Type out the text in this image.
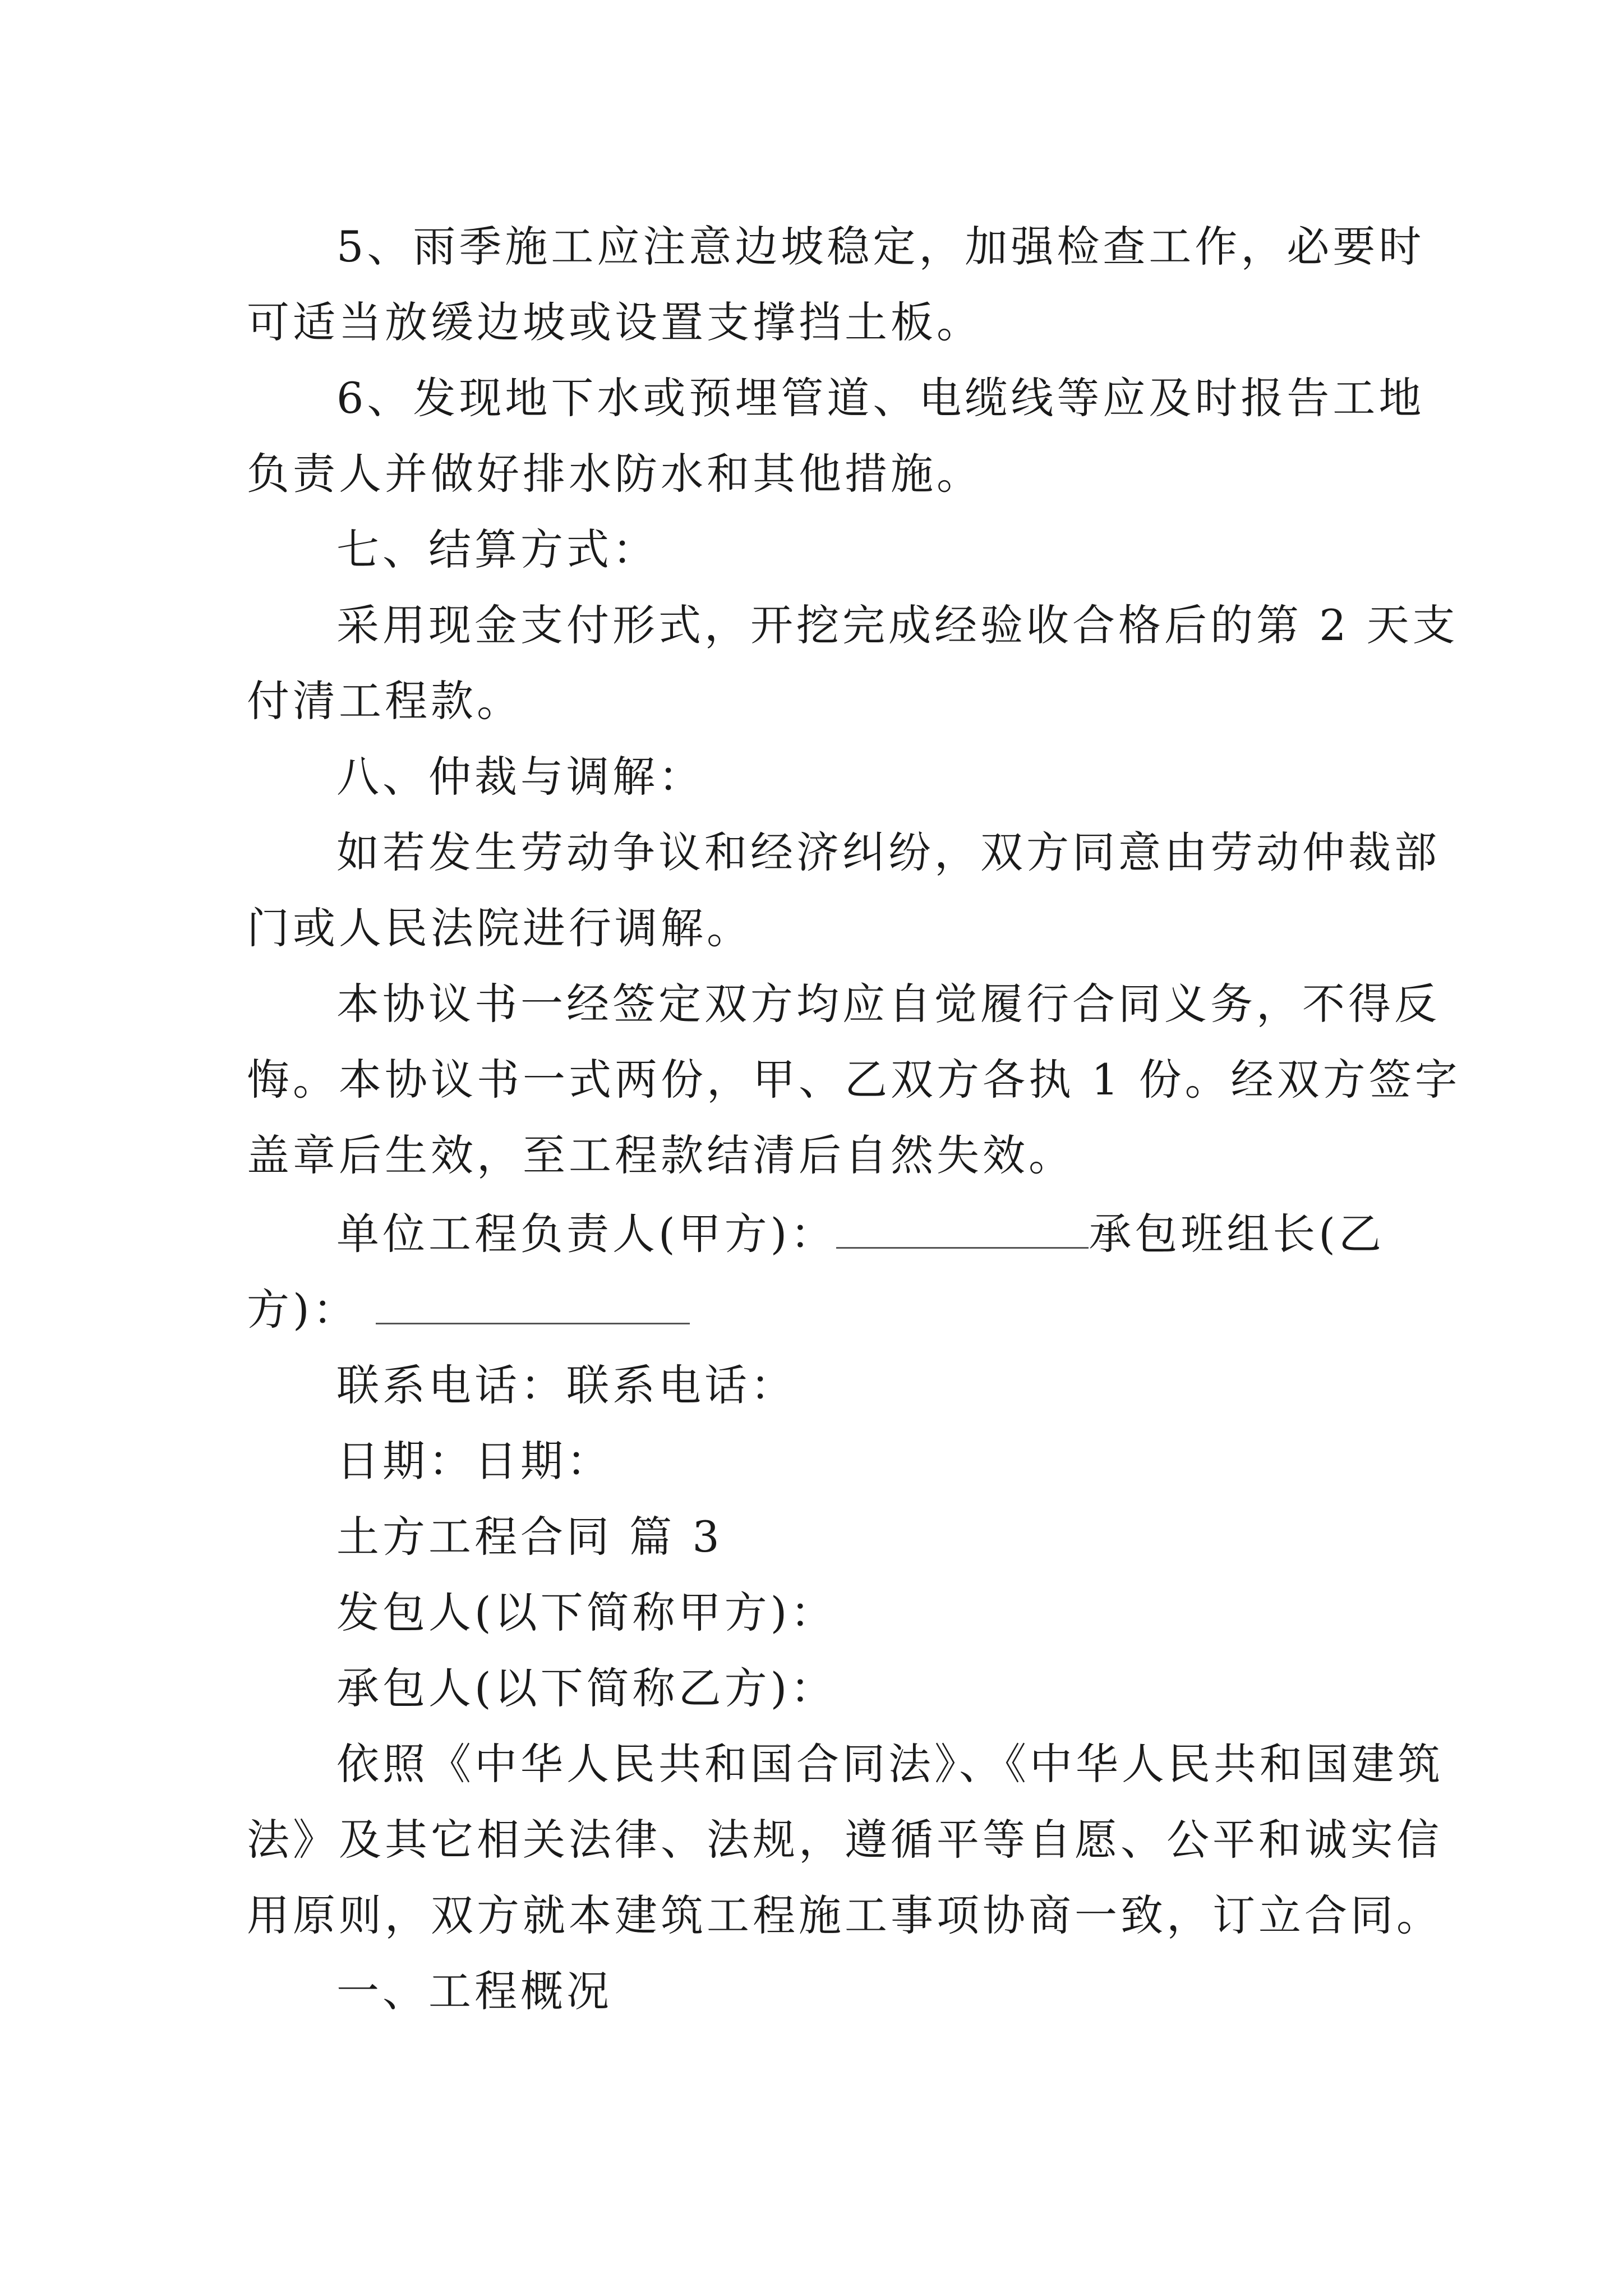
5、雨季施工应注意边坡稳定，加强检查工作，必要时
可适当放缓边坡或设置支撑挡土板。
6、发现地下水或预埋管道、电缆线等应及时报告工地
负责人并做好排水防水和其他措施。
七、结算方式：
采用现金支付形式，开挖完成经验收合格后的第 2 天支
付清工程款。
八、仲裁与调解：
如若发生劳动争议和经济纠纷，双方同意由劳动仲裁部
门或人民法院进行调解。
本协议书一经签定双方均应自觉履行合同义务，不得反
悔。本协议书一式两份，甲、乙双方各执 1 份。经双方签字
盖章后生效，至工程款结清后自然失效。
单位工程负责人(甲方)：	承包班组长(乙
方)：
联系电话：联系电话：
日期：日期：
土方工程合同 篇 3
发包人(以下简称甲方)：
承包人(以下简称乙方)：
依照《中华人民共和国合同法》、《中华人民共和国建筑
法》及其它相关法律、法规，遵循平等自愿、公平和诚实信
用原则，双方就本建筑工程施工事项协商一致，订立合同。
一、工程概况
